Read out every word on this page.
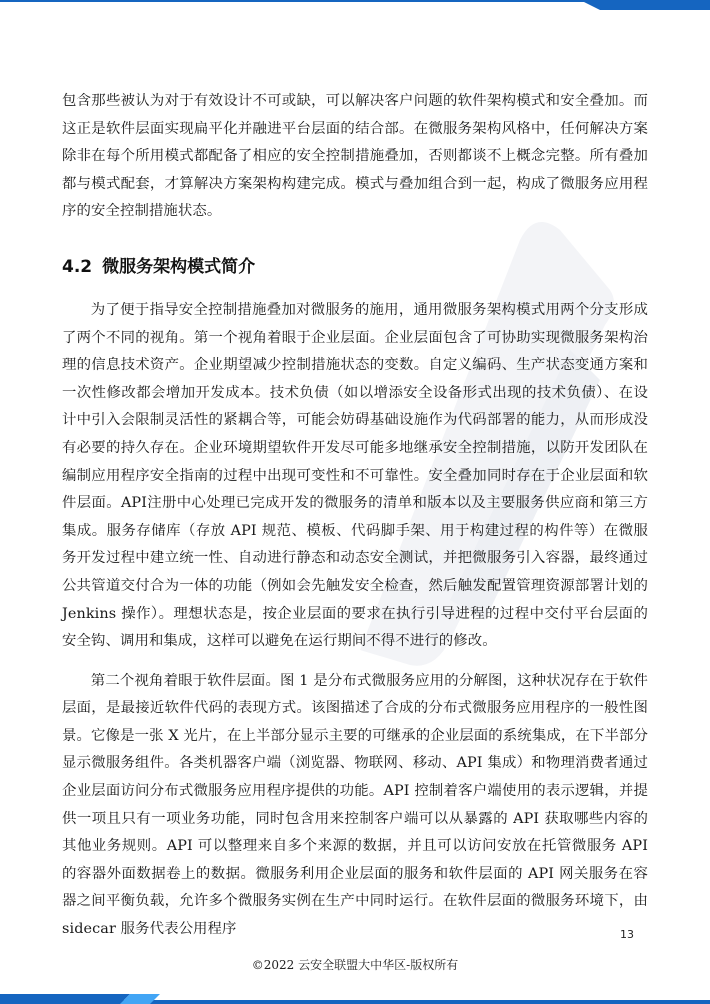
包含那些被认为对于有效设计不可或缺，可以解决客户问题的软件架构模式和安全叠加。而这正是软件层面实现扁平化并融进平台层面的结合部。在微服务架构风格中，任何解决方案除非在每个所用模式都配备了相应的安全控制措施叠加，否则都谈不上概念完整。所有叠加都与模式配套，才算解决方案架构构建完成。模式与叠加组合到一起，构成了微服务应用程序的安全控制措施状态。

4.2 微服务架构模式简介

为了便于指导安全控制措施叠加对微服务的施用，通用微服务架构模式用两个分支形成了两个不同的视角。第一个视角着眼于企业层面。企业层面包含了可协助实现微服务架构治理的信息技术资产。企业期望减少控制措施状态的变数。自定义编码、生产状态变通方案和一次性修改都会增加开发成本。技术负债（如以增添安全设备形式出现的技术负债）、在设计中引入会限制灵活性的紧耦合等，可能会妨碍基础设施作为代码部署的能力，从而形成没有必要的持久存在。企业环境期望软件开发尽可能多地继承安全控制措施，以防开发团队在编制应用程序安全指南的过程中出现可变性和不可靠性。安全叠加同时存在于企业层面和软件层面。API注册中心处理已完成开发的微服务的清单和版本以及主要服务供应商和第三方集成。服务存储库（存放 API 规范、模板、代码脚手架、用于构建过程的构件等）在微服务开发过程中建立统一性、自动进行静态和动态安全测试，并把微服务引入容器，最终通过公共管道交付合为一体的功能（例如会先触发安全检查，然后触发配置管理资源部署计划的 Jenkins 操作）。理想状态是，按企业层面的要求在执行引导进程的过程中交付平台层面的安全钩、调用和集成，这样可以避免在运行期间不得不进行的修改。

第二个视角着眼于软件层面。图 1 是分布式微服务应用的分解图，这种状况存在于软件层面，是最接近软件代码的表现方式。该图描述了合成的分布式微服务应用程序的一般性图景。它像是一张 X 光片，在上半部分显示主要的可继承的企业层面的系统集成，在下半部分显示微服务组件。各类机器客户端（浏览器、物联网、移动、API 集成）和物理消费者通过企业层面访问分布式微服务应用程序提供的功能。API 控制着客户端使用的表示逻辑，并提供一项且只有一项业务功能，同时包含用来控制客户端可以从暴露的 API 获取哪些内容的其他业务规则。API 可以整理来自多个来源的数据，并且可以访问安放在托管微服务 API 的容器外面数据卷上的数据。微服务利用企业层面的服务和软件层面的 API 网关服务在容器之间平衡负载，允许多个微服务实例在生产中同时运行。在软件层面的微服务环境下，由 sidecar 服务代表公用程序	13
©2022 云安全联盟大中华区-版权所有
